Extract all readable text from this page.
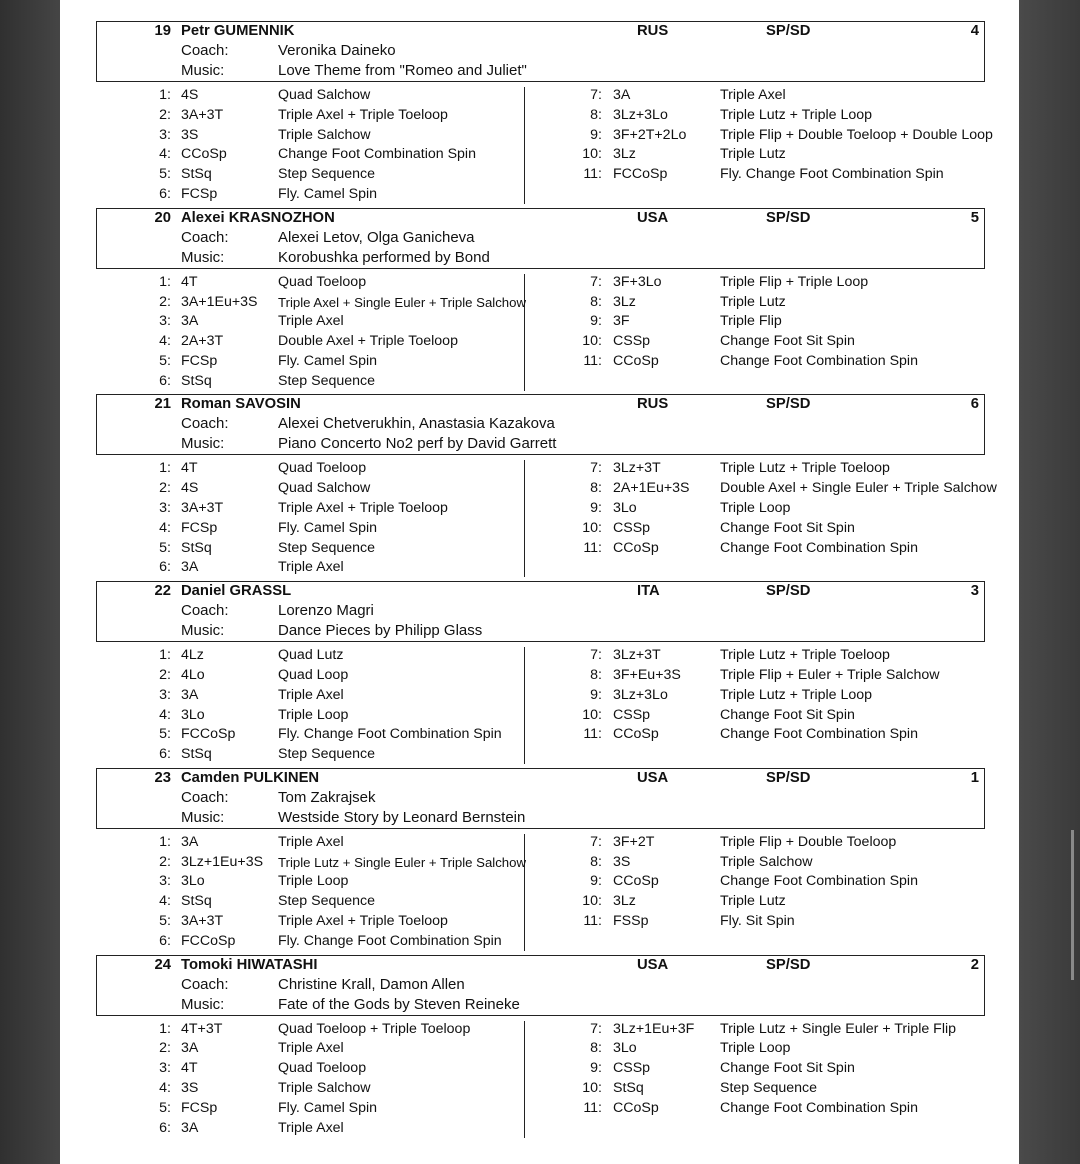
19 Petr GUMENNIK	RUS	SP/SD	4
Coach:	Veronika Daineko
Music:	Love Theme from "Romeo and Juliet"
1: 4S	Quad Salchow
2: 3A+3T	Triple Axel + Triple Toeloop
3: 3S	Triple Salchow
4: CCoSp	Change Foot Combination Spin
5: StSq	Step Sequence
6: FCSp	Fly. Camel Spin
7: 3A	Triple Axel
8: 3Lz+3Lo	Triple Lutz + Triple Loop
9: 3F+2T+2Lo Triple Flip + Double Toeloop + Double Loop
10: 3Lz	Triple Lutz
11: FCCoSp	Fly. Change Foot Combination Spin
20 Alexei KRASNOZHON	USA	SP/SD	5
Coach:	Alexei Letov, Olga Ganicheva
Music:	Korobushka performed by Bond
1: 4T	Quad Toeloop
2: 3A+1Eu+3S Triple Axel + Single Euler + Triple Salchow
3: 3A	Triple Axel
4: 2A+3T	Double Axel + Triple Toeloop
5: FCSp	Fly. Camel Spin
6: StSq	Step Sequence
7: 3F+3Lo	Triple Flip + Triple Loop
8: 3Lz	Triple Lutz
9: 3F	Triple Flip
10: CSSp	Change Foot Sit Spin
11: CCoSp	Change Foot Combination Spin
21 Roman SAVOSIN	RUS	SP/SD	6
Coach:	Alexei Chetverukhin, Anastasia Kazakova
Music:	Piano Concerto No2 perf by David Garrett
1: 4T	Quad Toeloop
2: 4S	Quad Salchow
3: 3A+3T	Triple Axel + Triple Toeloop
4: FCSp	Fly. Camel Spin
5: StSq	Step Sequence
6: 3A	Triple Axel
7: 3Lz+3T	Triple Lutz + Triple Toeloop
8: 2A+1Eu+3S Double Axel + Single Euler + Triple Salchow
9: 3Lo	Triple Loop
10: CSSp	Change Foot Sit Spin
11: CCoSp	Change Foot Combination Spin
22 Daniel GRASSL	ITA	SP/SD	3
Coach:	Lorenzo Magri
Music:	Dance Pieces by Philipp Glass
1: 4Lz	Quad Lutz
2: 4Lo	Quad Loop
3: 3A	Triple Axel
4: 3Lo	Triple Loop
5: FCCoSp	Fly. Change Foot Combination Spin
6: StSq	Step Sequence
7: 3Lz+3T	Triple Lutz + Triple Toeloop
8: 3F+Eu+3S	Triple Flip + Euler + Triple Salchow
9: 3Lz+3Lo	Triple Lutz + Triple Loop
10: CSSp	Change Foot Sit Spin
11: CCoSp	Change Foot Combination Spin
23 Camden PULKINEN	USA	SP/SD	1
Coach:	Tom Zakrajsek
Music:	Westside Story by Leonard Bernstein
1: 3A	Triple Axel
2: 3Lz+1Eu+3S Triple Lutz + Single Euler + Triple Salchow
3: 3Lo	Triple Loop
4: StSq	Step Sequence
5: 3A+3T	Triple Axel + Triple Toeloop
6: FCCoSp	Fly. Change Foot Combination Spin
7: 3F+2T	Triple Flip + Double Toeloop
8: 3S	Triple Salchow
9: CCoSp	Change Foot Combination Spin
10: 3Lz	Triple Lutz
11: FSSp	Fly. Sit Spin
24 Tomoki HIWATASHI	USA	SP/SD	2
Coach:	Christine Krall, Damon Allen
Music:	Fate of the Gods by Steven Reineke
1: 4T+3T	Quad Toeloop + Triple Toeloop
2: 3A	Triple Axel
3: 4T	Quad Toeloop
4: 3S	Triple Salchow
5: FCSp	Fly. Camel Spin
6: 3A	Triple Axel
7: 3Lz+1Eu+3F Triple Lutz + Single Euler + Triple Flip
8: 3Lo	Triple Loop
9: CSSp	Change Foot Sit Spin
10: StSq	Step Sequence
11: CCoSp	Change Foot Combination Spin
